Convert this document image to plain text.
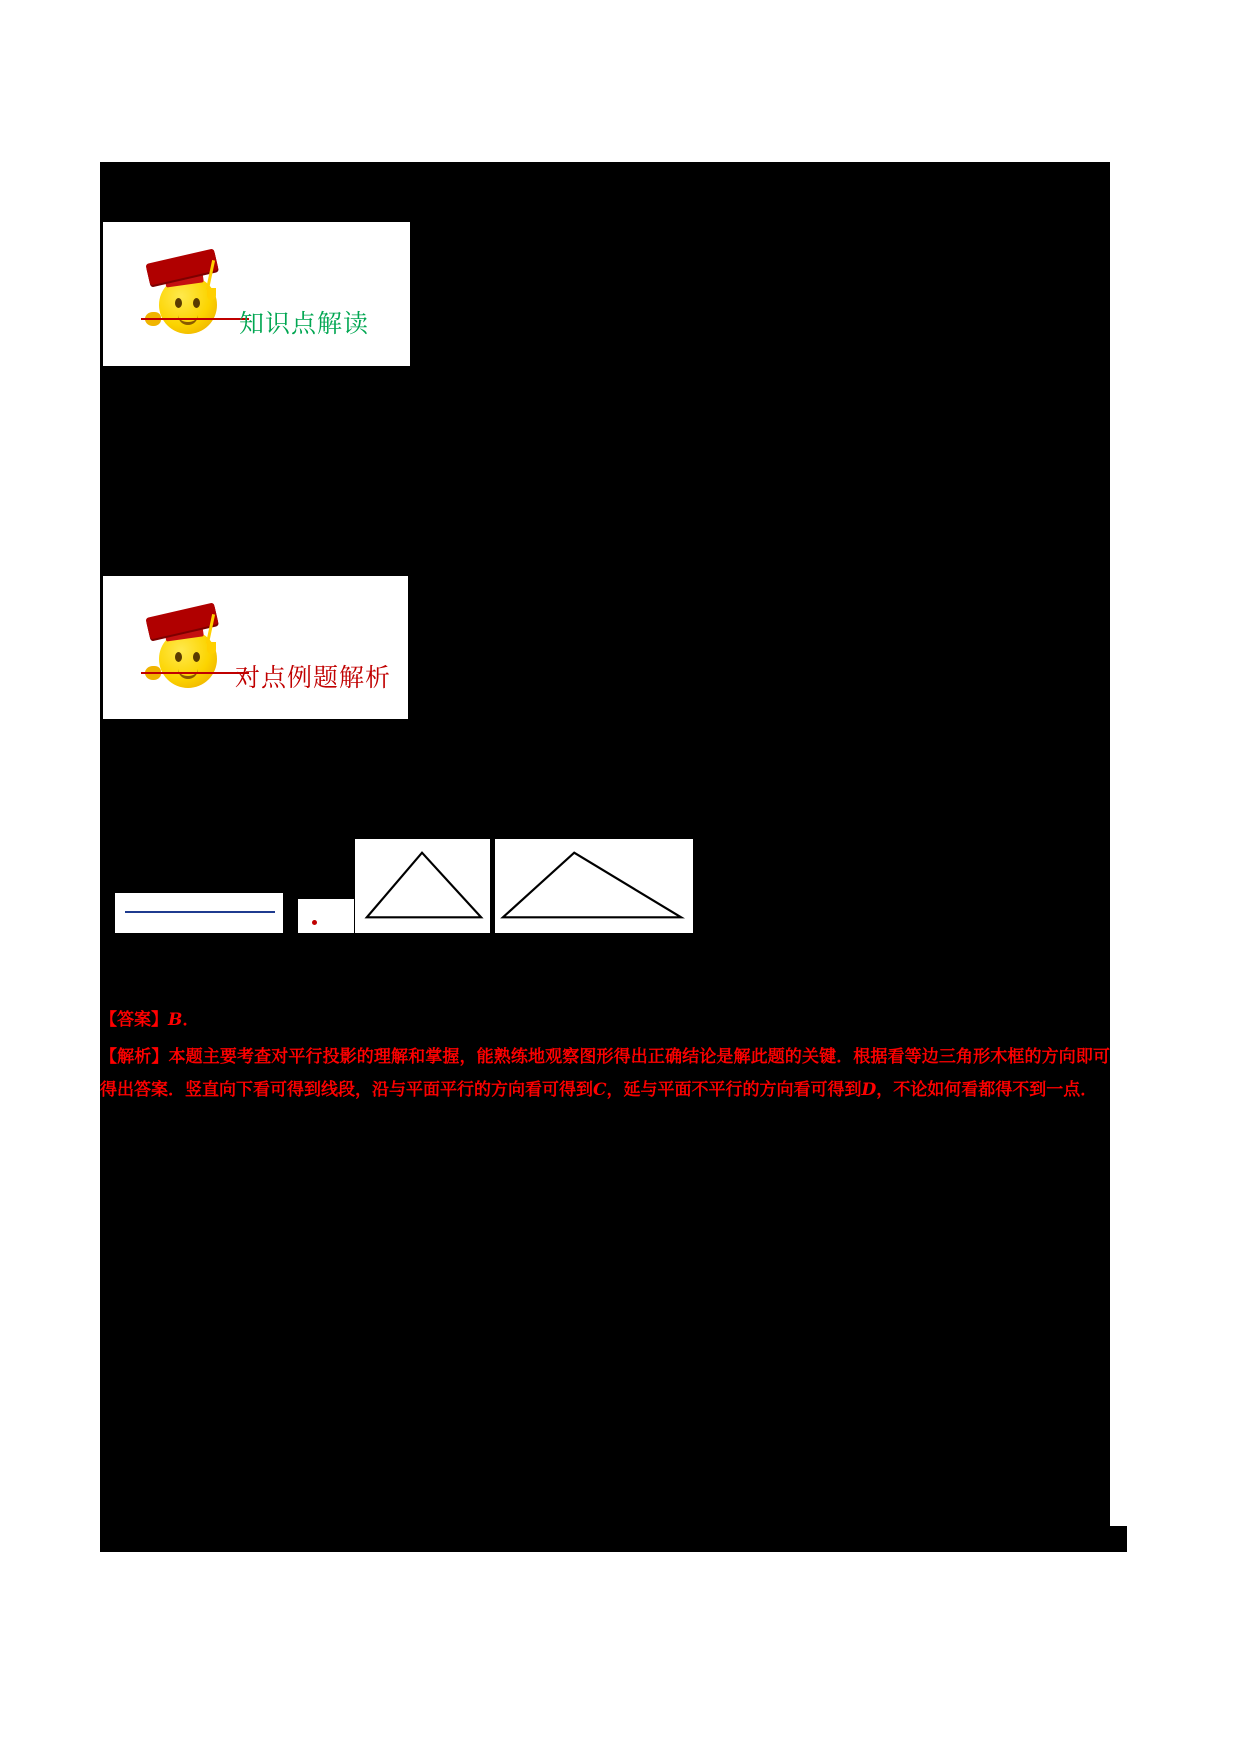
知识点解读
对点例题解析

【答案】B．

【解析】本题主要考查对平行投影的理解和掌握，能熟练地观察图形得出正确结论是解此题的关键．根据看等边三角形木框的方向即可得出答案．竖直向下看可得到线段，沿与平面平行的方向看可得到C，延与平面不平行的方向看可得到D，不论如何看都得不到一点．
